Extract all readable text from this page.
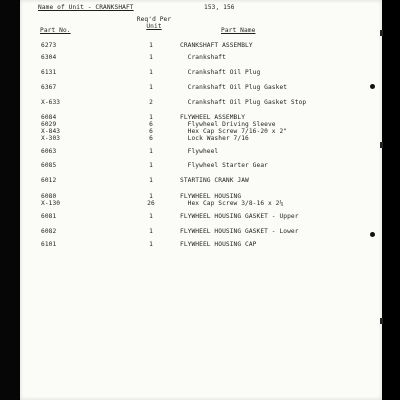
Name of Unit - CRANKSHAFT	153, 156
Part No.
Req'd Per
Unit
Part Name
6273	1	CRANKSHAFT ASSEMBLY
6304	1	Crankshaft
6131	1	Crankshaft Oil Plug
6367	1	Crankshaft Oil Plug Gasket
X-633	2	Crankshaft Oil Plug Gasket Stop
6084	1	FLYWHEEL ASSEMBLY
6029	6	Flywheel Driving Sleeve
X-843	6	Hex Cap Screw 7/16-20 x 2"
X-303	6	Lock Washer 7/16
6063	1	Flywheel
6085	1	Flywheel Starter Gear
6012	1	STARTING CRANK JAW
6080	1	FLYWHEEL HOUSING
X-130	26	Hex Cap Screw 3/8-16 x 2¼
6081	1	FLYWHEEL HOUSING GASKET - Upper
6082	1	FLYWHEEL HOUSING GASKET - Lower
6101	1	FLYWHEEL HOUSING CAP
